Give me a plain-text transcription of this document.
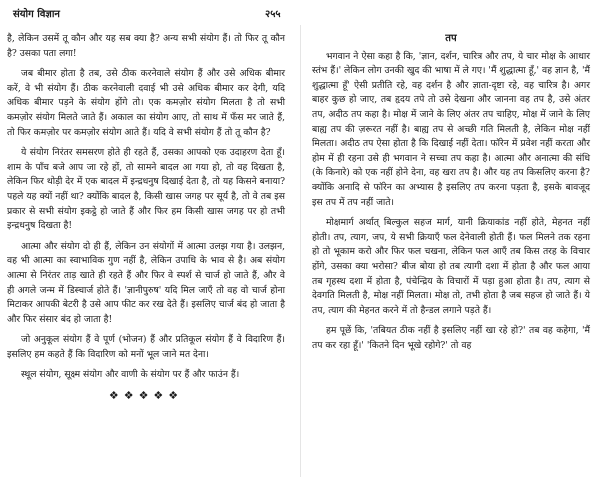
संयोग विज्ञान	२५५

है, लेकिन उसमें तू कौन और यह सब क्या है? अन्य सभी संयोग हैं। तो फिर तू कौन है? उसका पता लगा!

जब बीमार होता है तब, उसे ठीक करनेवाले संयोग हैं और उसे अधिक बीमार करें, वे भी संयोग हैं। ठीक करनेवाली दवाई भी उसे अधिक बीमार कर देगी, यदि अधिक बीमार पड़ने के संयोग होंगे तो। एक कमज़ोर संयोग मिलता है तो सभी कमज़ोर संयोग मिलते जाते हैं। अकाल का संयोग आए, तो साथ में फँस मर जाते हैं, तो फिर कमज़ोर पर कमज़ोर संयोग आते हैं। यदि वे सभी संयोग हैं तो तू कौन है?

ये संयोग निरंतर समसरण होते ही रहते हैं, उसका आपको एक उदाहरण देता हूँ। शाम के पाँच बजे आप जा रहे हों, तो सामने बादल आ गया हो, तो वह दिखता है, लेकिन फिर थोड़ी देर में एक बादल में इन्द्रधनुष दिखाई देता है, तो यह किसने बनाया? पहले यह क्यों नहीं था? क्योंकि बादल है, किसी खास जगह पर सूर्य है, तो वे तब इस प्रकार से सभी संयोग इकट्ठे हो जाते हैं और फिर हम किसी खास जगह पर हो तभी इन्द्रधनुष दिखता है!

आत्मा और संयोग दो ही हैं, लेकिन उन संयोगों में आत्मा उलझ गया है। उलझन, वह भी आत्मा का स्वाभाविक गुण नहीं है, लेकिन उपाधि के भाव से है। अब संयोग आत्मा से निरंतर ताड़ खाते ही रहते हैं और फिर वे स्पर्श से चार्ज हो जाते हैं, और वे ही अगले जन्म में डिस्चार्ज होते हैं। 'ज्ञानीपुरुष' यदि मिल जाएँ तो वह वो चार्ज होना मिटाकर आपकी बेटरी है उसे आप फीट कर रख देते हैं। इसलिए चार्ज बंद हो जाता है और फिर संसार बंद हो जाता है!

जो अनुकूल संयोग हैं वे पूर्ण (भोजन) हैं और प्रतिकूल संयोग हैं वे विदारिण हैं। इसलिए हम कहते हैं कि विदारिण को मनों भूल जाने मत देना।

स्थूल संयोग, सूक्ष्म संयोग और वाणी के संयोग पर हैं और फाउंन हैं।

❖❖❖❖❖

तप

भगवान ने ऐसा कहा है कि, 'ज्ञान, दर्शन, चारित्र और तप, ये चार मोक्ष के आधार स्तंभ हैं।' लेकिन लोग उनकी खुद की भाषा में ले गए। 'मैं शुद्धात्मा हूँ,' वह ज्ञान है, 'मैं शुद्धात्मा हूँ' ऐसी प्रतीति रहे, वह दर्शन है और ज्ञाता-दृष्टा रहे, वह चारित्र है। अगर बाहर कुछ हो जाए, तब हृदय तपे तो उसे देखना और जानना वह तप है, उसे अंतर तप, अदीठ तप कहा है। मोक्ष में जाने के लिए अंतर तप चाहिए, मोक्ष में जाने के लिए बाह्य तप की ज़रूरत नहीं है। बाह्य तप से अच्छी गति मिलती है, लेकिन मोक्ष नहीं मिलता। अदीठ तप ऐसा होता है कि दिखाई नहीं देता। फॉरेन में प्रवेश नहीं करता और होम में ही रहना उसे ही भगवान ने सच्चा तप कहा है। आत्मा और अनात्मा की संधि (के किनारे) को एक नहीं होने देना, वह खरा तप है। और यह तप किसलिए करना है? क्योंकि अनादि से फॉरेन का अभ्यास है इसलिए तप करना पड़ता है, इसके बावजूद इस तप में तप नहीं जाते।

मोक्षमार्ग अर्थात् बिल्कुल सहज मार्ग, यानी क्रियाकांड नहीं होते, मेहनत नहीं होती। तप, त्याग, जप, ये सभी क्रियाएँ फल देनेवाली होती हैं। फल मिलने तक रहना हो तो भूकाम करो और फिर फल चखना, लेकिन फल आएँ तब किस तरह के विचार होंगे, उसका क्या भरोसा? बीज बोया हो तब त्यागी दशा में होता है और फल आया तब गृहस्थ दशा में होता है, पंचेन्द्रिय के विचारों में पड़ा हुआ होता है। तप, त्याग से देवगति मिलती है, मोक्ष नहीं मिलता। मोक्ष तो, तभी होता है जब सहज हो जाते हैं। ये तप, त्याग की मेहनत करने में तो हैन्डल लगाने पड़ते हैं।

हम पूछें कि, 'तबियत ठीक नहीं है इसलिए नहीं खा रहे हो?' तब वह कहेगा, 'मैं तप कर रहा हूँ।' 'कितने दिन भूखे रहोगे?' तो वह
